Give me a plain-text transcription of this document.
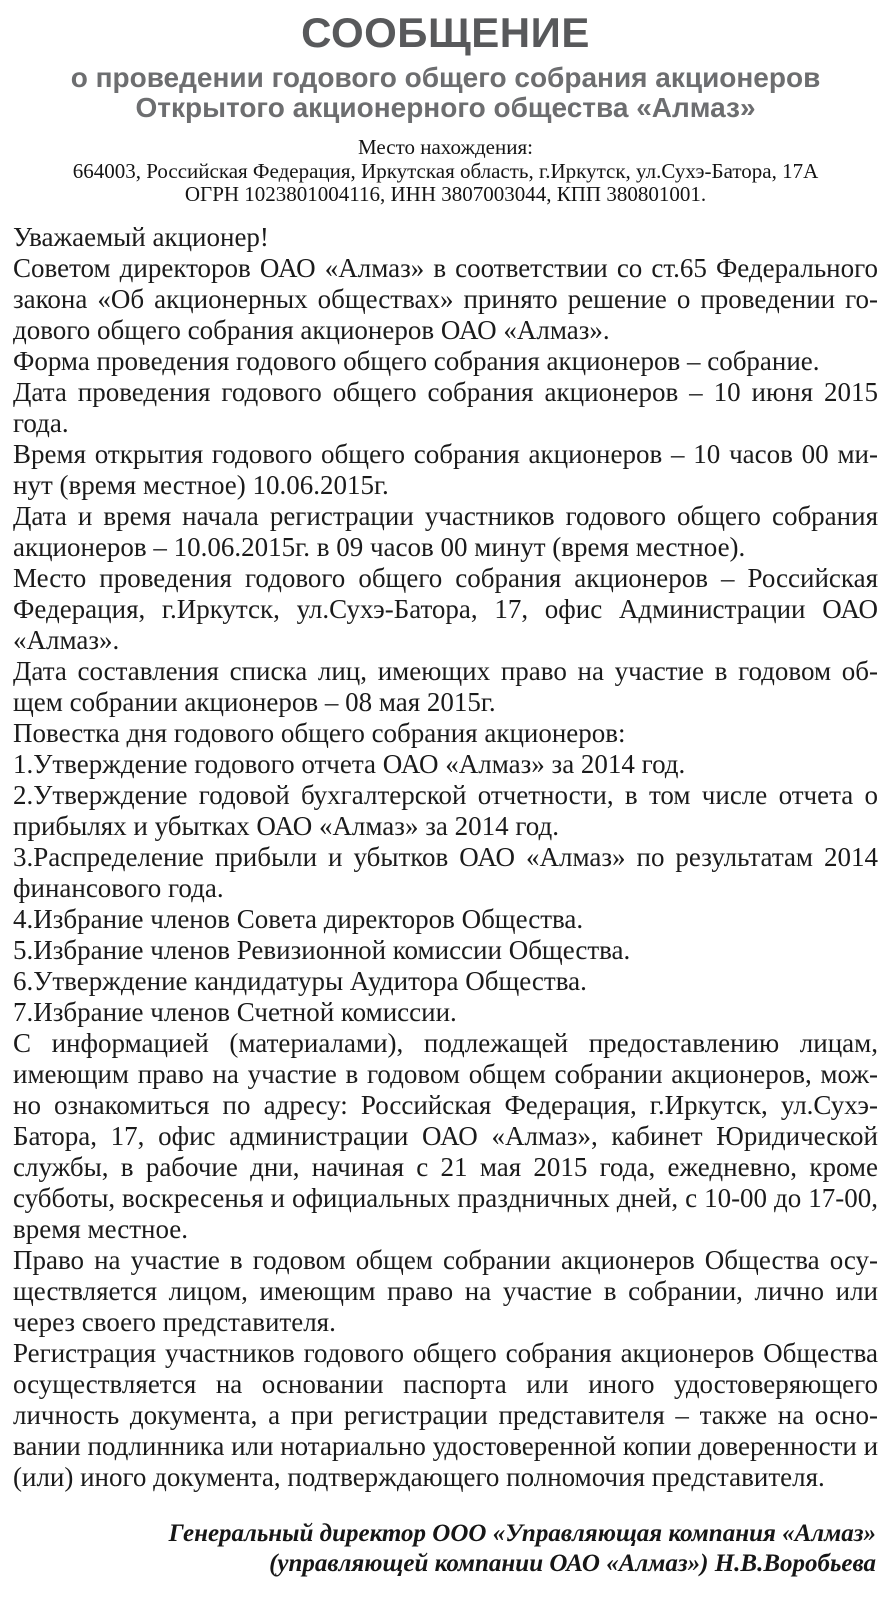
СООБЩЕНИЕ
о проведении годового общего собрания акционеров
Открытого акционерного общества «Алмаз»
Место нахождения:
664003, Российская Федерация, Иркутская область, г.Иркутск, ул.Сухэ-Батора, 17А
ОГРН 1023801004116, ИНН 3807003044, КПП 380801001.

Уважаемый акционер!

Советом директоров ОАО «Алмаз» в соответствии со ст.65 Федерального закона «Об акционерных обществах» принято решение о проведении годового общего собрания акционеров ОАО «Алмаз».

Форма проведения годового общего собрания акционеров – собрание.

Дата проведения годового общего собрания акционеров – 10 июня 2015 года.

Время открытия годового общего собрания акционеров – 10 часов 00 минут (время местное) 10.06.2015г.

Дата и время начала регистрации участников годового общего собрания акционеров – 10.06.2015г. в 09 часов 00 минут (время местное).

Место проведения годового общего собрания акционеров – Российская Федерация, г.Иркутск, ул.Сухэ-Батора, 17, офис Администрации ОАО «Алмаз».

Дата составления списка лиц, имеющих право на участие в годовом общем собрании акционеров – 08 мая 2015г.

Повестка дня годового общего собрания акционеров:

1.Утверждение годового отчета ОАО «Алмаз» за 2014 год.

2.Утверждение годовой бухгалтерской отчетности, в том числе отчета о прибылях и убытках ОАО «Алмаз» за 2014 год.

3.Распределение прибыли и убытков ОАО «Алмаз» по результатам 2014 финансового года.

4.Избрание членов Совета директоров Общества.

5.Избрание членов Ревизионной комиссии Общества.

6.Утверждение кандидатуры Аудитора Общества.

7.Избрание членов Счетной комиссии.

С информацией (материалами), подлежащей предоставлению лицам, имеющим право на участие в годовом общем собрании акционеров, можно ознакомиться по адресу: Российская Федерация, г.Иркутск, ул.Сухэ-Батора, 17, офис администрации ОАО «Алмаз», кабинет Юридической службы, в рабочие дни, начиная с 21 мая 2015 года, ежедневно, кроме субботы, воскресенья и официальных праздничных дней, с 10-00 до 17-00, время местное.

Право на участие в годовом общем собрании акционеров Общества осуществляется лицом, имеющим право на участие в собрании, лично или через своего представителя.

Регистрация участников годового общего собрания акционеров Общества осуществляется на основании паспорта или иного удостоверяющего личность документа, а при регистрации представителя – также на основании подлинника или нотариально удостоверенной копии доверенности и (или) иного документа, подтверждающего полномочия представителя.

Генеральный директор ООО «Управляющая компания «Алмаз»
(управляющей компании ОАО «Алмаз») Н.В.Воробьева
